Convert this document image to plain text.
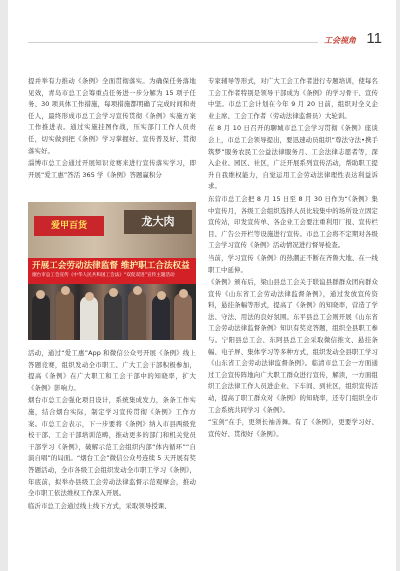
工会视角 11

提并举有力推动《条例》全面贯彻落实。为确保任务落地见效，青岛市总工会筹重点任务进一步分解为 15 项子任务、30 项具体工作措施，每项措施都明确了完成时间和责任人，最终形成市总工会学习宣传贯彻《条例》实施方案工作推进表。通过实施挂图作战，压实部门工作人员责任，切实做到把《条例》学习掌握好、宣传普及好、贯彻落实好。

淄博市总工会通过开展知识竞赛来进行宣传落实学习，即开展“爱工惠”答活 365 学《条例》答题赢积分

爱甲百货	龙大肉
开展工会劳动法律监督 维护职工合法权益
烟台市总工会宣传《中华人民共和国工会法》“双促双进”宣传主题活动

活动，通过“爱工惠”App 和微信公众号开展《条例》线上答题竞赛，组织发动全市职工、广大工会干部积极参加，提高《条例》在广大职工和工会干部中的知晓率，扩大《条例》影响力。

烟台市总工会强化项目设计，系统集成发力，条条工作实施，结合烟台实际，制定学习宣传贯彻《条例》工作方案。市总工会表示，下一步要将《条例》纳入市县两级党校干部、工会干部培训范畴，推动更多的部门和机关党员干部学习《条例》，破解示范工会组织内部“体内循环”“自演自唱”的局面。“烟台工会”微信公众号连续 5 天开展有奖答题活动，全市各级工会组织发动全市职工学习《条例》，年底前，拟举办县级工会劳动法律监督示范观摩会，推动全市职工依法维权工作深入开展。

临沂市总工会通过线上线下方式，采取领导授课、

专家辅导等形式，对广大工会工作者进行专题培训，使每名工会工作者特别是领导干部成为《条例》的学习骨干、宣传中坚。市总工会计划在今年 9 月 20 日前，组织对全义企业主席、工会工作者（劳动法律监督员）大轮训。

在 8 月 10 日召开的聊城市总工会学习贯彻《条例》座谈会上，市总工会领导提出，要迅速动员组织“尊法守法•携手筑梦”服务农民工公益法律服务月、工会法律志愿者等，深入企业、园区、社区，广泛开展系列宣传活动，帮助职工提升自我维权能力，自觉运用工会劳动法律理性表达利益诉求。

东营市总工会把 8 月 15 日至 8 月 30 日作为“《条例》集中宣传月，各级工会组织选择人员比较集中的场所设立固定宣传站，印发宣传单、各企业工会要注重利用厂报、宣传栏目、广告公开栏等设施进行宣传。市总工会将不定期对各级工会学习宣传《条例》活动情况进行督导检查。

当前，学习宣传《条例》的热潮正不断在齐鲁大地、在一线职工中延伸。

《条例》颁布后，梁山县总工会关于联谊县群群众团向群众宣传《山东省工会劳动法律监督条例》，通过发放宣传资料，悬挂条幅等形式，提高了《条例》的知晓率，营造了学法、守法、用法的良好氛围。东平县总工会则开展《山东省工会劳动法律监督条例》知识有奖竞答题，组织全县职工参与。宁阳县总工会、东阿县总工会采取微信推文、悬挂条幅、电子屏、集体学习等多种方式，组织发动全县职工学习《山东省工会劳动法律监督条例》。临清市总工会一方面通过工会宣传阵地向广大职工群众进行宣传，解读，一方面组织工会法律工作人员进企业、下车间、到社区，组织宣传活动，提高了职工群众对《条例》的知晓率，还专门组织全市工会系统共同学习《条例》。

“宝剑”在手，更须长袖善舞。有了《条例》，更要学习好、宣传好、贯彻好《条例》。
